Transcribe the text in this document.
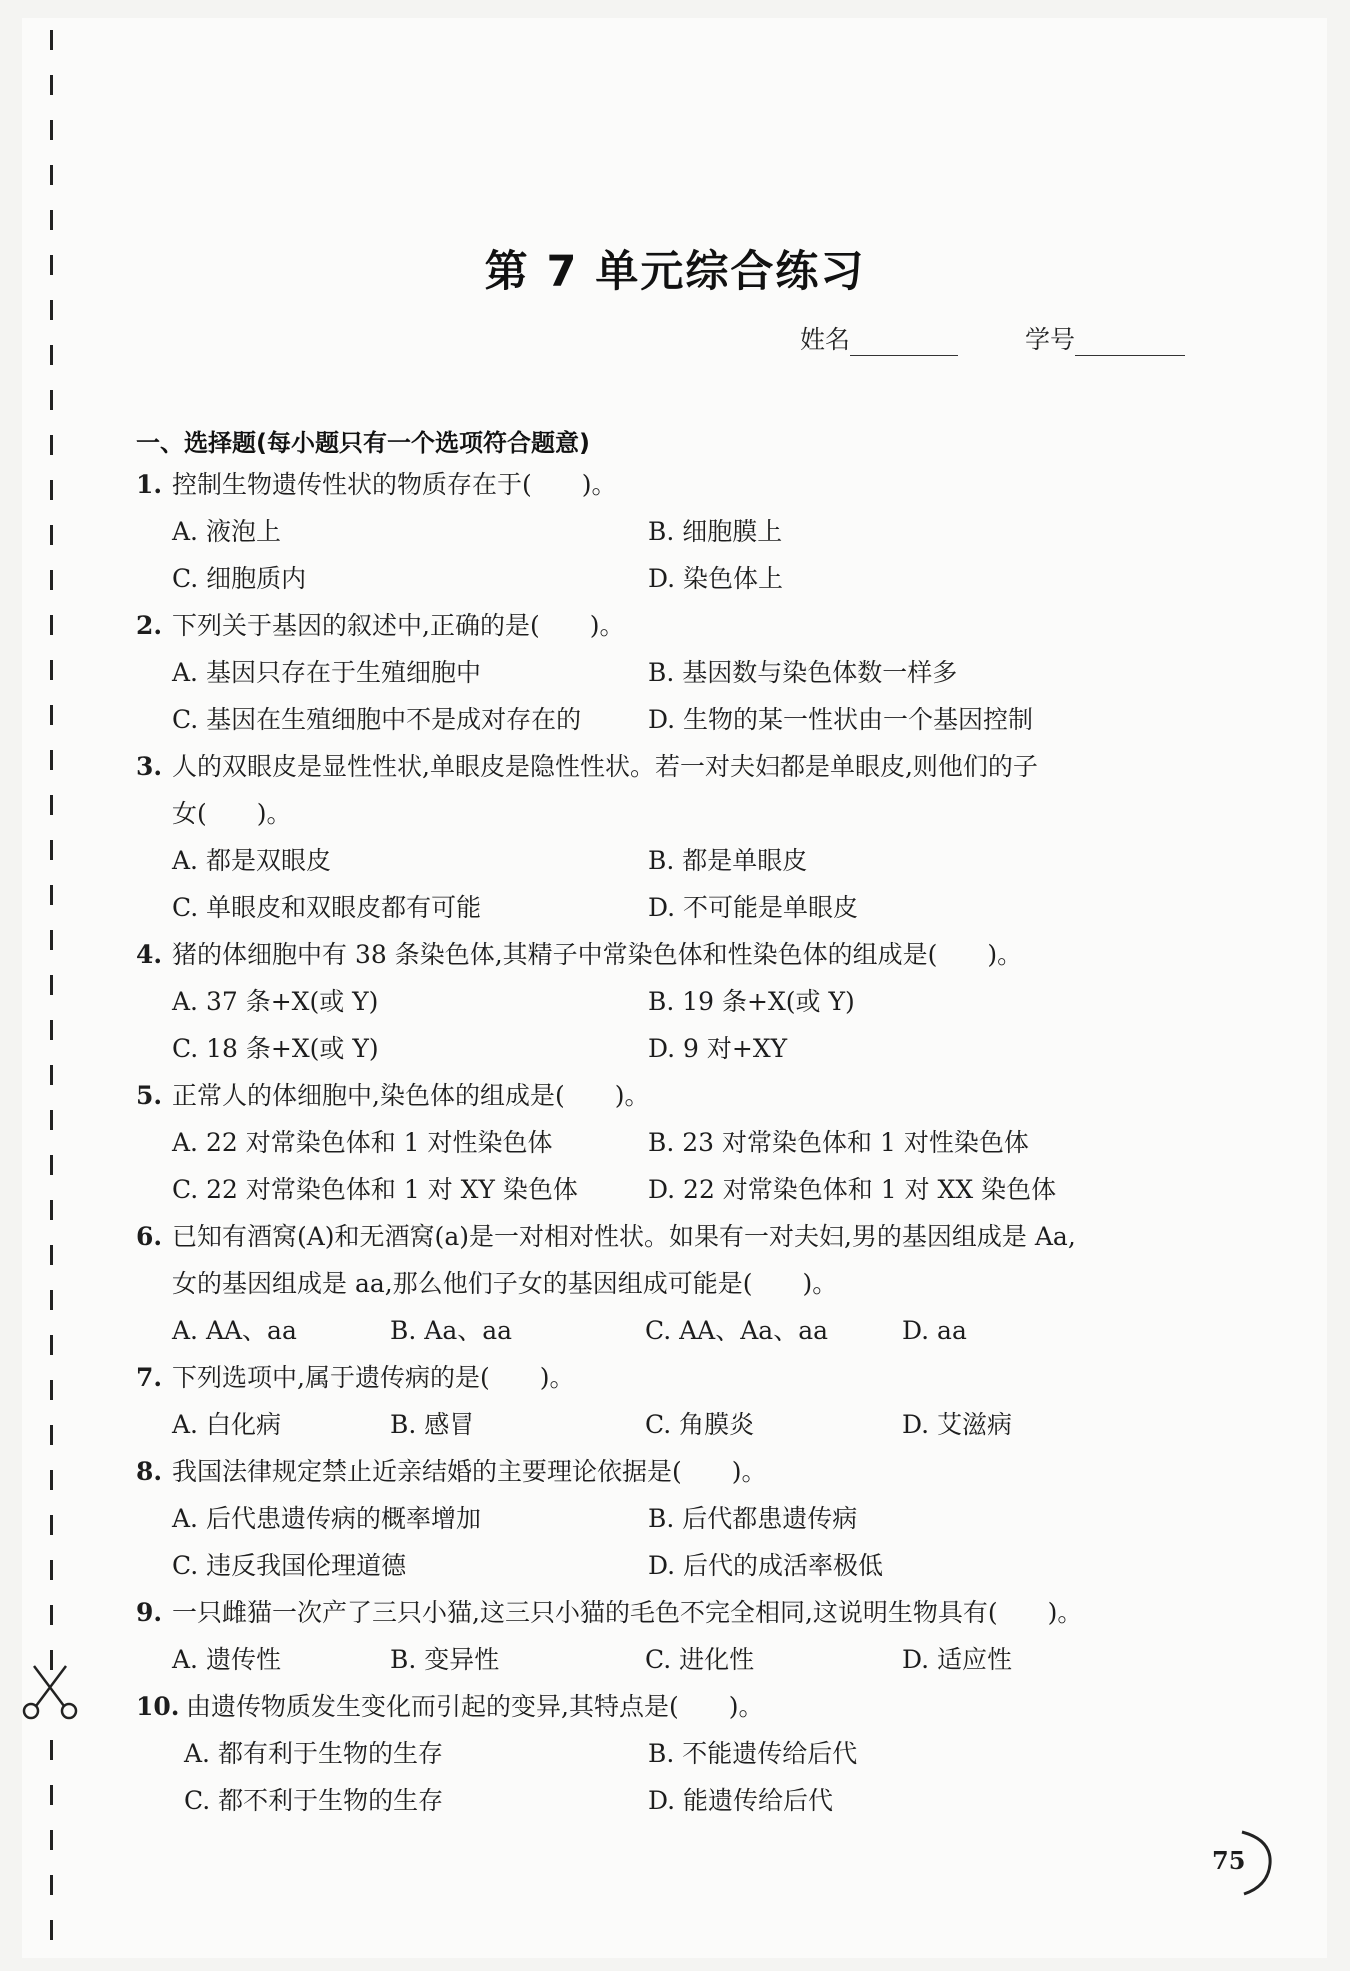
第 7 单元综合练习
姓名	学号
一、选择题(每小题只有一个选项符合题意)
1. 控制生物遗传性状的物质存在于(　　)。
A. 液泡上	B. 细胞膜上
C. 细胞质内	D. 染色体上
2. 下列关于基因的叙述中,正确的是(　　)。
A. 基因只存在于生殖细胞中	B. 基因数与染色体数一样多
C. 基因在生殖细胞中不是成对存在的	D. 生物的某一性状由一个基因控制
3. 人的双眼皮是显性性状,单眼皮是隐性性状。若一对夫妇都是单眼皮,则他们的子
女(　　)。
A. 都是双眼皮	B. 都是单眼皮
C. 单眼皮和双眼皮都有可能	D. 不可能是单眼皮
4. 猪的体细胞中有 38 条染色体,其精子中常染色体和性染色体的组成是(　　)。
A. 37 条+X(或 Y)	B. 19 条+X(或 Y)
C. 18 条+X(或 Y)	D. 9 对+XY
5. 正常人的体细胞中,染色体的组成是(　　)。
A. 22 对常染色体和 1 对性染色体	B. 23 对常染色体和 1 对性染色体
C. 22 对常染色体和 1 对 XY 染色体	D. 22 对常染色体和 1 对 XX 染色体
6. 已知有酒窝(A)和无酒窝(a)是一对相对性状。如果有一对夫妇,男的基因组成是 Aa,
女的基因组成是 aa,那么他们子女的基因组成可能是(　　)。
A. AA、aa	B. Aa、aa	C. AA、Aa、aa	D. aa
7. 下列选项中,属于遗传病的是(　　)。
A. 白化病	B. 感冒	C. 角膜炎	D. 艾滋病
8. 我国法律规定禁止近亲结婚的主要理论依据是(　　)。
A. 后代患遗传病的概率增加	B. 后代都患遗传病
C. 违反我国伦理道德	D. 后代的成活率极低
9. 一只雌猫一次产了三只小猫,这三只小猫的毛色不完全相同,这说明生物具有(　　)。
A. 遗传性	B. 变异性	C. 进化性	D. 适应性
10. 由遗传物质发生变化而引起的变异,其特点是(　　)。
A. 都有利于生物的生存	B. 不能遗传给后代
C. 都不利于生物的生存	D. 能遗传给后代
75
